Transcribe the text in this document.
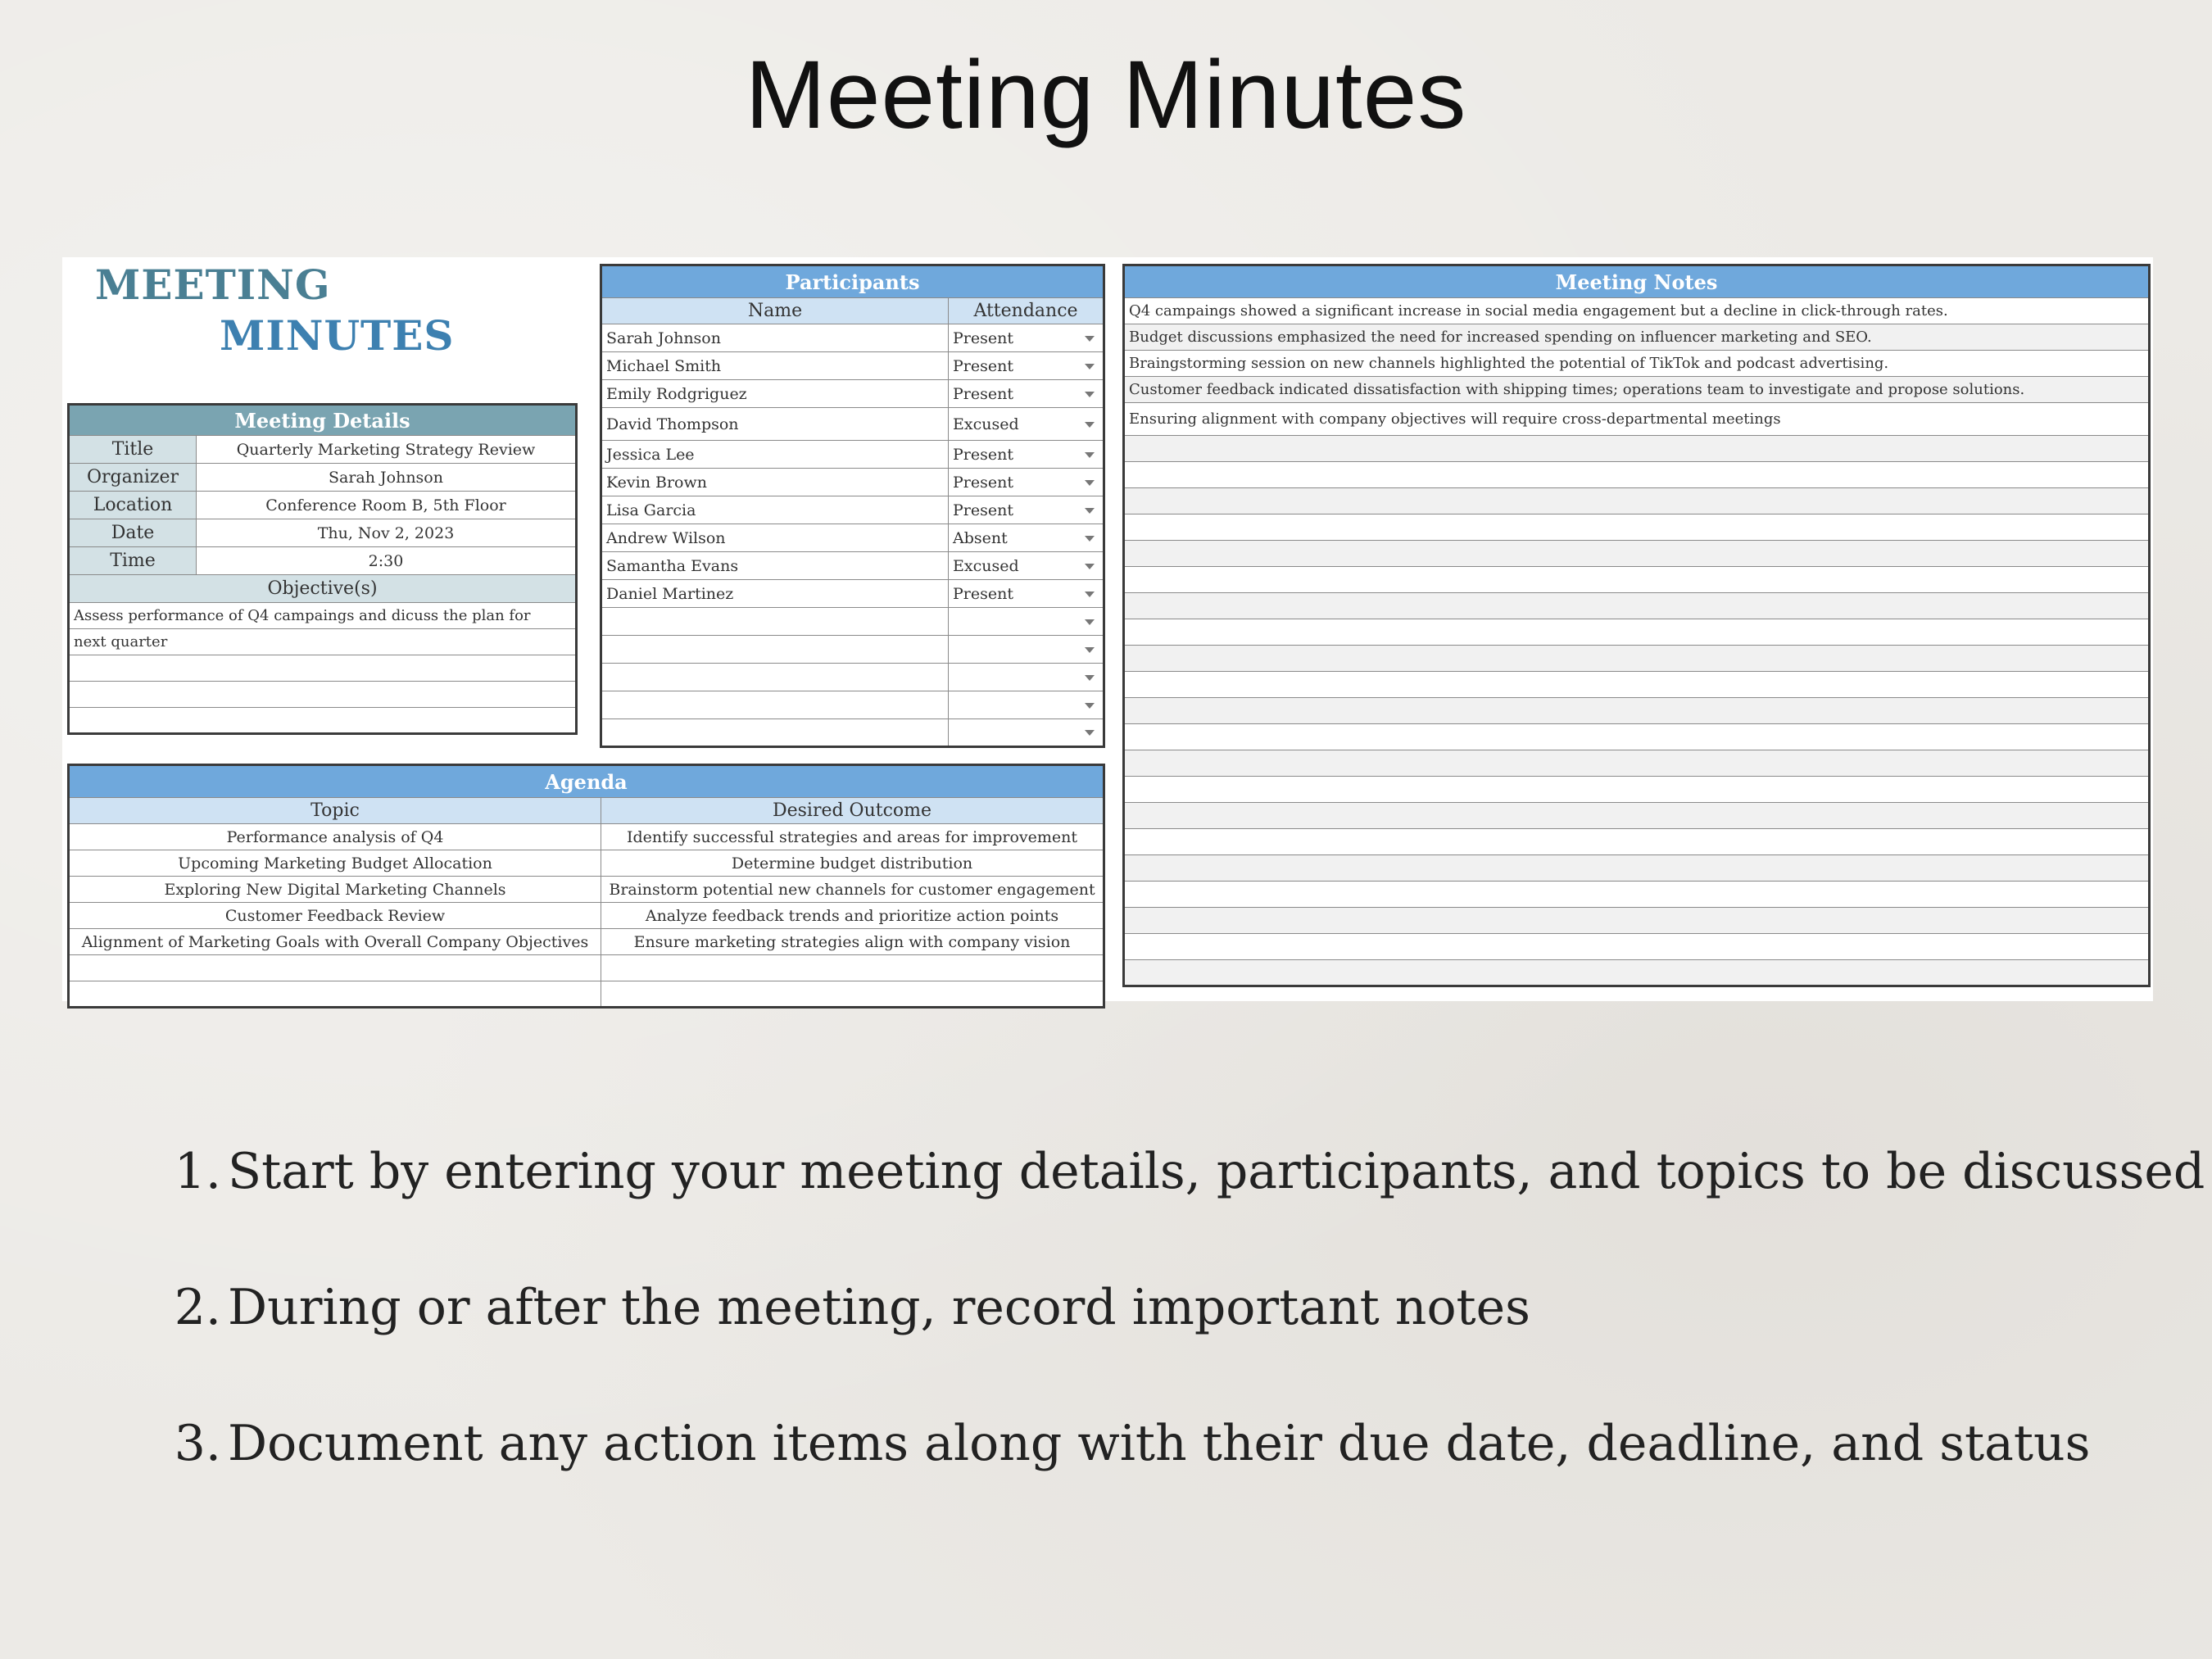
Meeting Minutes
MEETING
MINUTES
Meeting Details	
Title	Quarterly Marketing Strategy Review
Organizer	Sarah Johnson
Location	Conference Room B, 5th Floor
Date	Thu, Nov 2, 2023
Time	2:30
Objective(s)	
Assess performance of Q4 campaings and dicuss the plan for	
next quarter	

Participants	
Name	Attendance
Sarah Johnson	Present

Michael Smith	Present

Emily Rodgriguez	Present

David Thompson	Excused

Jessica Lee	Present

Kevin Brown	Present

Lisa Garcia	Present

Andrew Wilson	Absent

Samantha Evans	Excused

Daniel Martinez	Present

Agenda	
Topic	Desired Outcome
Performance analysis of Q4	Identify successful strategies and areas for improvement
Upcoming Marketing Budget Allocation	Determine budget distribution
Exploring New Digital Marketing Channels	Brainstorm potential new channels for customer engagement
Customer Feedback Review	Analyze feedback trends and prioritize action points
Alignment of Marketing Goals with Overall Company Objectives	Ensure marketing strategies align with company vision

Meeting Notes
Q4 campaings showed a significant increase in social media engagement but a decline in click-through rates.
Budget discussions emphasized the need for increased spending on influencer marketing and SEO.
Braingstorming session on new channels highlighted the potential of TikTok and podcast advertising.
Customer feedback indicated dissatisfaction with shipping times; operations team to investigate and propose solutions.
Ensuring alignment with company objectives will require cross-departmental meetings

1. Start by entering your meeting details, participants, and topics to be discussed
2. During or after the meeting, record important notes
3. Document any action items along with their due date, deadline, and status
